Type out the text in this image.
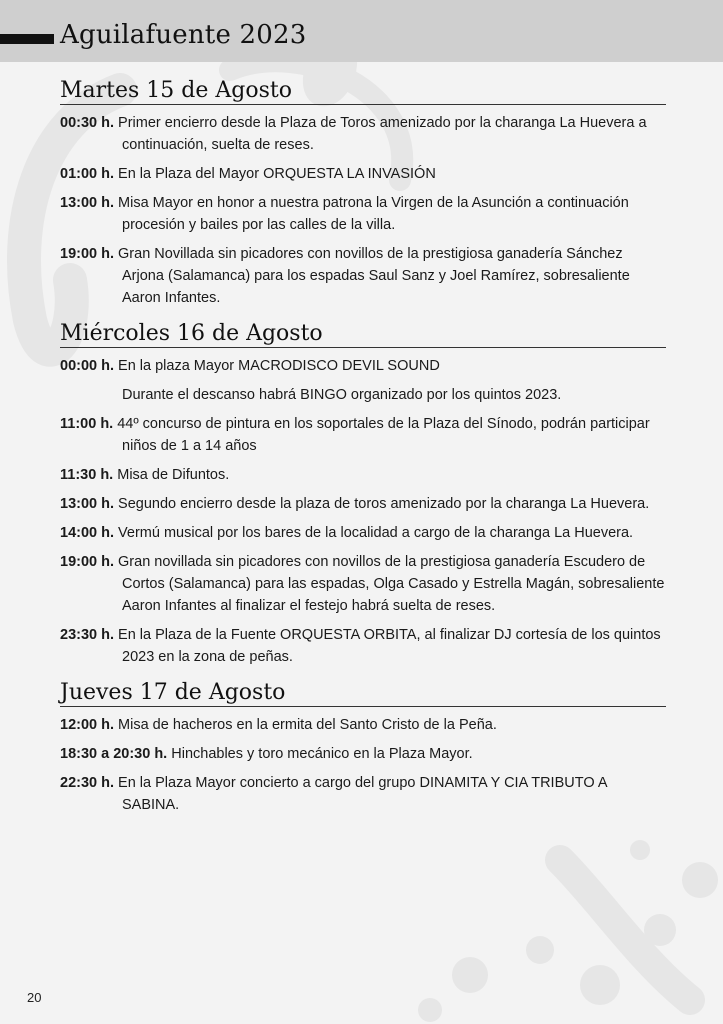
Aguilafuente 2023
Martes 15 de Agosto
00:30 h. Primer encierro desde la Plaza de Toros amenizado por la charanga La Huevera a continuación, suelta de reses.
01:00 h. En la Plaza del Mayor ORQUESTA LA INVASIÓN
13:00 h. Misa Mayor en honor a nuestra patrona la Virgen de la Asunción a continuación procesión y bailes por las calles de la villa.
19:00 h. Gran Novillada sin picadores con novillos de la prestigiosa ganadería Sánchez Arjona (Salamanca) para los espadas Saul Sanz y Joel Ramírez, sobresaliente Aaron Infantes.
Miércoles 16 de Agosto
00:00 h. En la plaza Mayor MACRODISCO DEVIL SOUND
Durante el descanso habrá BINGO organizado por los quintos 2023.
11:00 h. 44º concurso de pintura en los soportales de la Plaza del Sínodo, podrán participar niños de 1 a 14 años
11:30 h. Misa de Difuntos.
13:00 h. Segundo encierro desde la plaza de toros amenizado por la charanga La Huevera.
14:00 h. Vermú musical por los bares de la localidad a cargo de la charanga La Huevera.
19:00 h. Gran novillada sin picadores con novillos de la prestigiosa ganadería Escudero de Cortos (Salamanca) para las espadas, Olga Casado y Estrella Magán, sobresaliente Aaron Infantes al finalizar el festejo habrá suelta de reses.
23:30 h. En la Plaza de la Fuente ORQUESTA ORBITA, al finalizar DJ cortesía de los quintos 2023 en la zona de peñas.
Jueves 17 de Agosto
12:00 h. Misa de hacheros en la ermita del Santo Cristo de la Peña.
18:30 a 20:30 h. Hinchables y toro mecánico en la Plaza Mayor.
22:30 h. En la Plaza Mayor concierto a cargo del grupo DINAMITA Y CIA TRIBUTO A SABINA.
20
